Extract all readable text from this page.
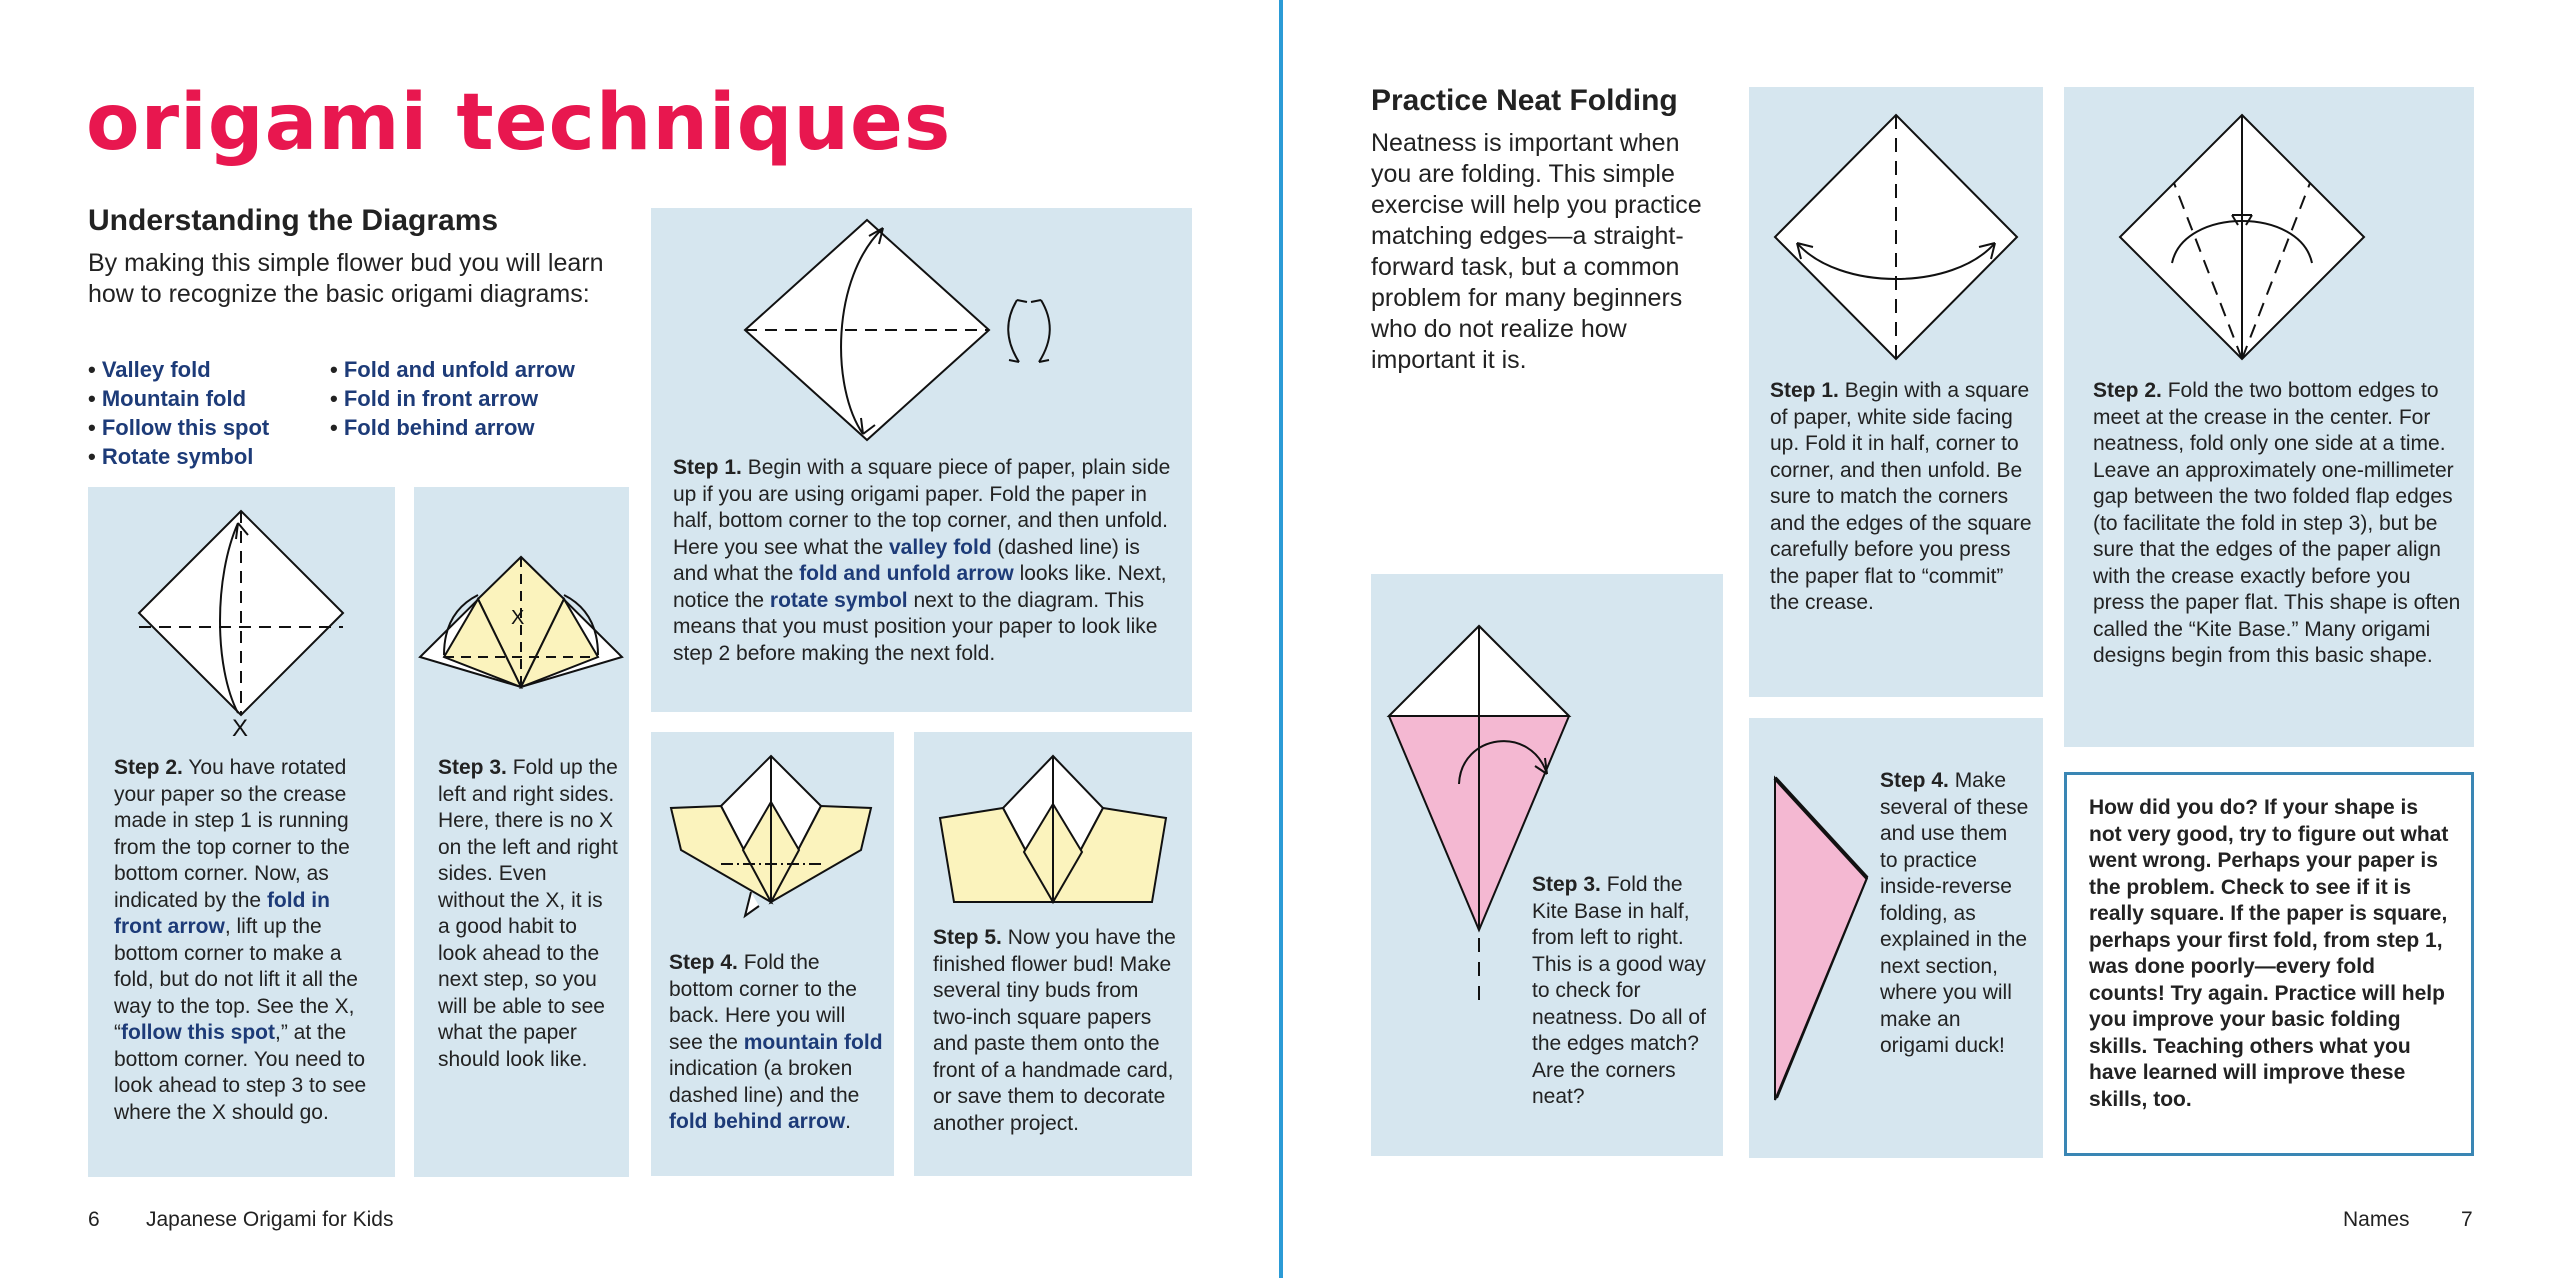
origami techniques
Understanding the Diagrams
By making this simple flower bud you will learn how to recognize the basic origami diagrams:
• Valley fold
• Mountain fold
• Follow this spot
• Rotate symbol
• Fold and unfold arrow
• Fold in front arrow
• Fold behind arrow
Step 1. Begin with a square piece of paper, plain side up if you are using origami paper. Fold the paper in half, bottom corner to the top corner, and then unfold. Here you see what the valley fold (dashed line) is and what the fold and unfold arrow looks like. Next, notice the rotate symbol next to the diagram. This means that you must position your paper to look like step 2 before making the next fold.
X
Step 2. You have rotated your paper so the crease made in step 1 is running from the top corner to the bottom corner. Now, as indicated by the fold in front arrow, lift up the bottom corner to make a fold, but do not lift it all the way to the top. See the X, “follow this spot,” at the bottom corner. You need to look ahead to step 3 to see where the X should go.
X
Step 3. Fold up the left and right sides. Here, there is no X on the left and right sides. Even without the X, it is a good habit to look ahead to the next step, so you will be able to see what the paper should look like.
Step 4. Fold the bottom corner to the back. Here you will see the mountain fold indication (a broken dashed line) and the fold behind arrow.
Step 5. Now you have the finished flower bud! Make several tiny buds from two-inch square papers and paste them onto the front of a handmade card, or save them to decorate another project.
6 Japanese Origami for Kids
Practice Neat Folding
Neatness is important when you are folding. This simple exercise will help you practice matching edges—a straight-forward task, but a common problem for many beginners who do not realize how important it is.
Step 1. Begin with a square of paper, white side facing up. Fold it in half, corner to corner, and then unfold. Be sure to match the corners and the edges of the square carefully before you press the paper flat to “commit” the crease.
Step 2. Fold the two bottom edges to meet at the crease in the center. For neatness, fold only one side at a time. Leave an approximately one-millimeter gap between the two folded flap edges (to facilitate the fold in step 3), but be sure that the edges of the paper align with the crease exactly before you press the paper flat. This shape is often called the “Kite Base.” Many origami designs begin from this basic shape.
Step 3. Fold the Kite Base in half, from left to right. This is a good way to check for neatness. Do all of the edges match? Are the corners neat?
Step 4. Make several of these and use them to practice inside-reverse folding, as explained in the next section, where you will make an origami duck!
How did you do? If your shape is not very good, try to figure out what went wrong. Perhaps your paper is the problem. Check to see if it is really square. If the paper is square, perhaps your first fold, from step 1, was done poorly—every fold counts! Try again. Practice will help you improve your basic folding skills. Teaching others what you have learned will improve these skills, too.
Names 7
